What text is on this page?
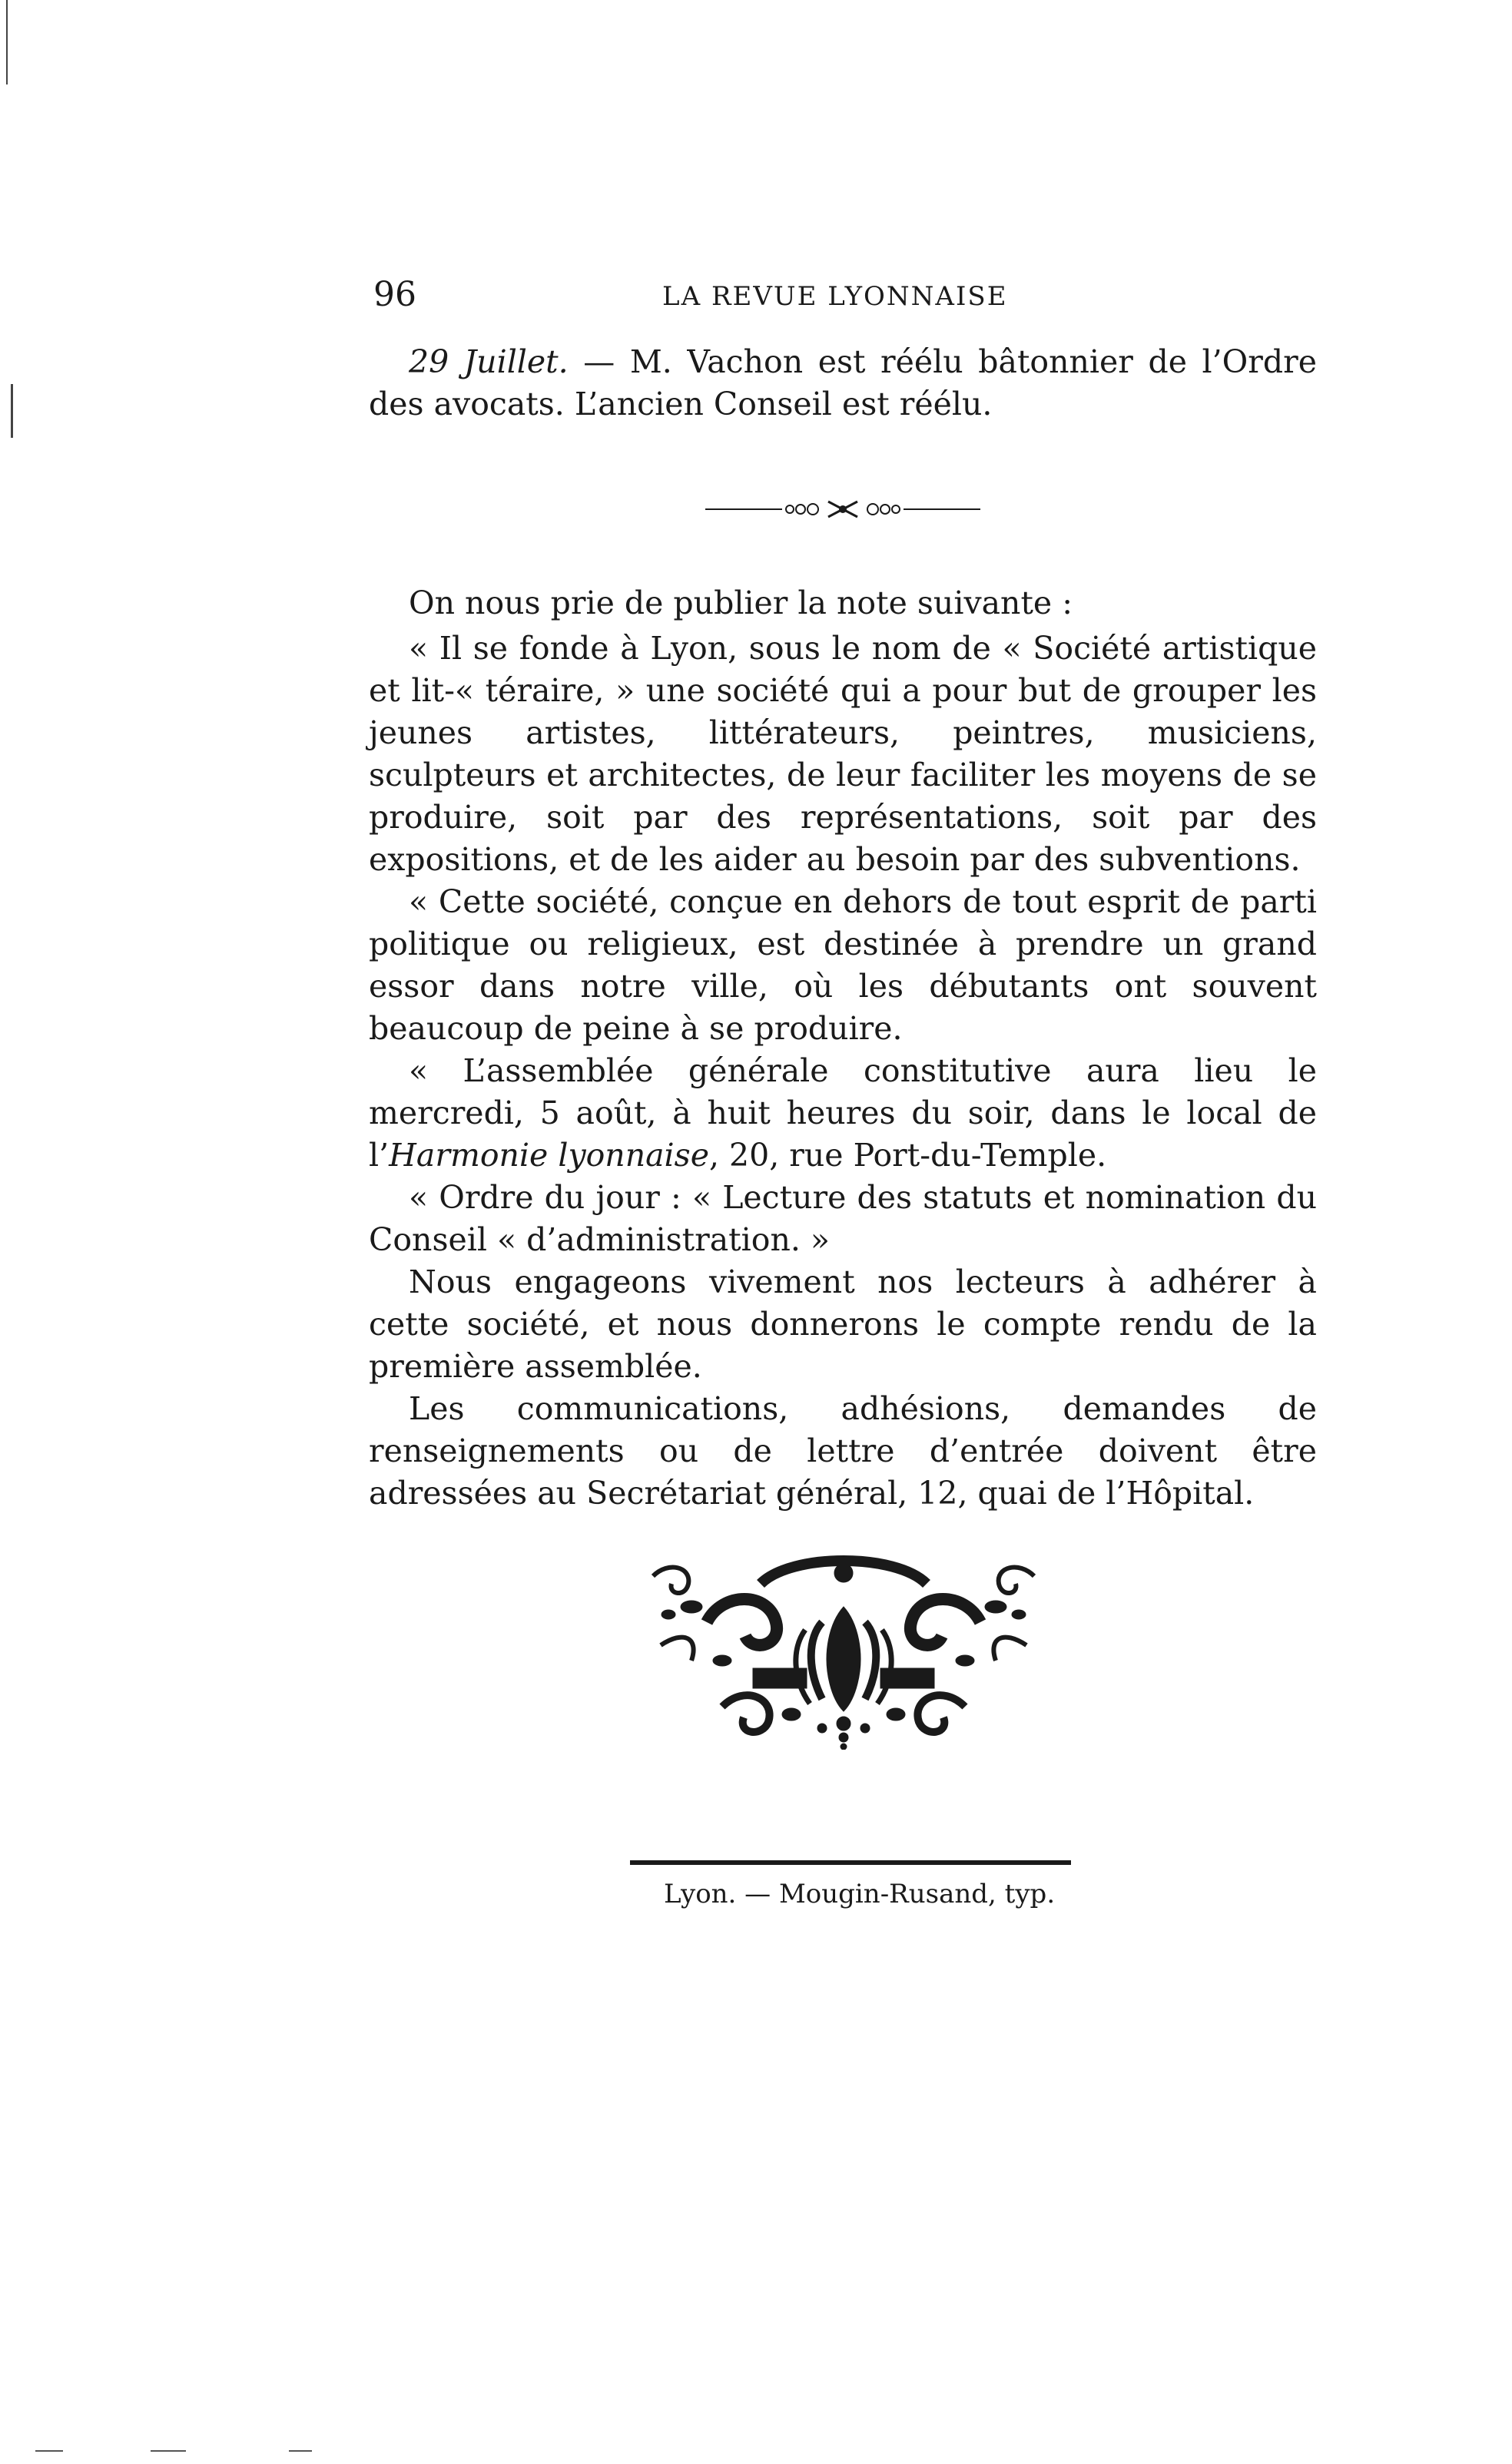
96	LA REVUE LYONNAISE

29 Juillet. — M. Vachon est réélu bâtonnier de l’Ordre des avocats. L’ancien Conseil est réélu.

On nous prie de publier la note suivante :

« Il se fonde à Lyon, sous le nom de « Société artistique et lit-« téraire, » une société qui a pour but de grouper les jeunes artistes, littérateurs, peintres, musiciens, sculpteurs et architectes, de leur faciliter les moyens de se produire, soit par des représentations, soit par des expositions, et de les aider au besoin par des subventions.

« Cette société, conçue en dehors de tout esprit de parti politique ou religieux, est destinée à prendre un grand essor dans notre ville, où les débutants ont souvent beaucoup de peine à se produire.

« L’assemblée générale constitutive aura lieu le mercredi, 5 août, à huit heures du soir, dans le local de l’Harmonie lyonnaise, 20, rue Port-du-Temple.

« Ordre du jour : « Lecture des statuts et nomination du Conseil « d’administration. »

Nous engageons vivement nos lecteurs à adhérer à cette société, et nous donnerons le compte rendu de la première assemblée.

Les communications, adhésions, demandes de renseignements ou de lettre d’entrée doivent être adressées au Secrétariat général, 12, quai de l’Hôpital.

Lyon. — Mougin-Rusand, typ.
